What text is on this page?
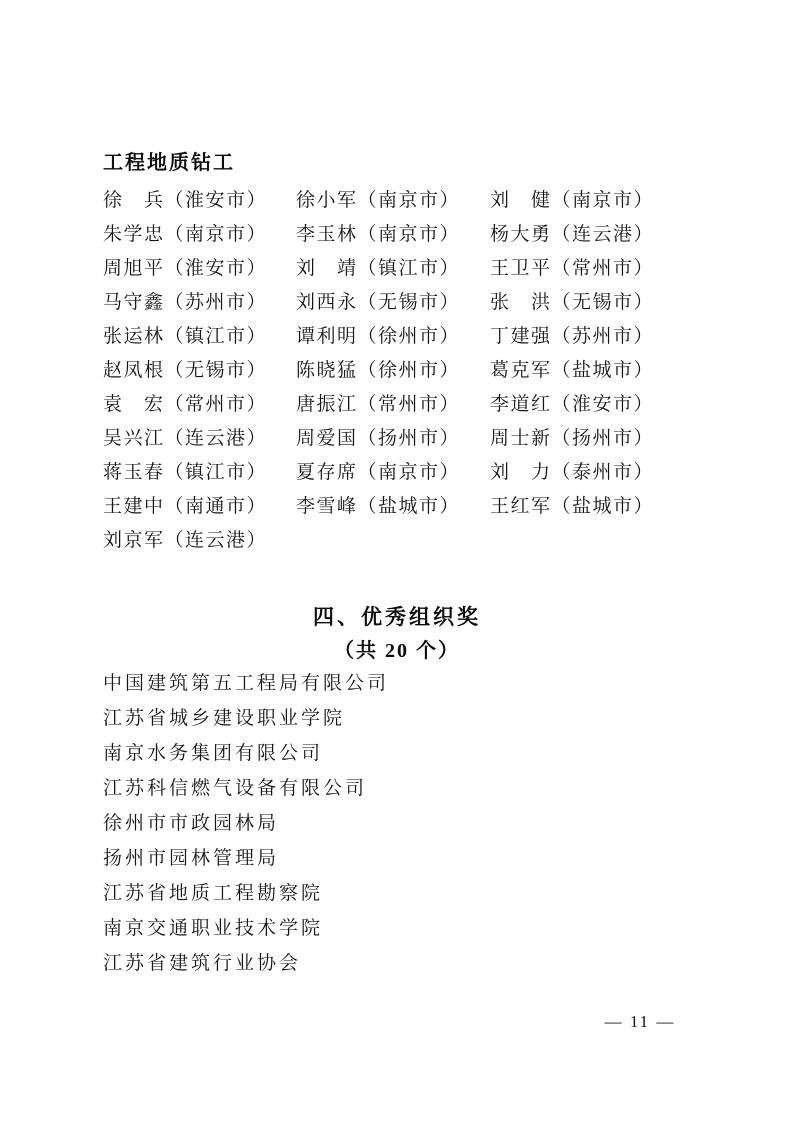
工程地质钻工
徐　兵（淮安市）	徐小军（南京市）	刘　健（南京市）
朱学忠（南京市）	李玉林（南京市）	杨大勇（连云港）
周旭平（淮安市）	刘　靖（镇江市）	王卫平（常州市）
马守鑫（苏州市）	刘西永（无锡市）	张　洪（无锡市）
张运林（镇江市）	谭利明（徐州市）	丁建强（苏州市）
赵凤根（无锡市）	陈晓猛（徐州市）	葛克军（盐城市）
袁　宏（常州市）	唐振江（常州市）	李道红（淮安市）
吴兴江（连云港）	周爱国（扬州市）	周士新（扬州市）
蒋玉春（镇江市）	夏存席（南京市）	刘　力（泰州市）
王建中（南通市）	李雪峰（盐城市）	王红军（盐城市）
刘京军（连云港）
四、优秀组织奖
（共 20 个）
中国建筑第五工程局有限公司
江苏省城乡建设职业学院
南京水务集团有限公司
江苏科信燃气设备有限公司
徐州市市政园林局
扬州市园林管理局
江苏省地质工程勘察院
南京交通职业技术学院
江苏省建筑行业协会
— 11 —
